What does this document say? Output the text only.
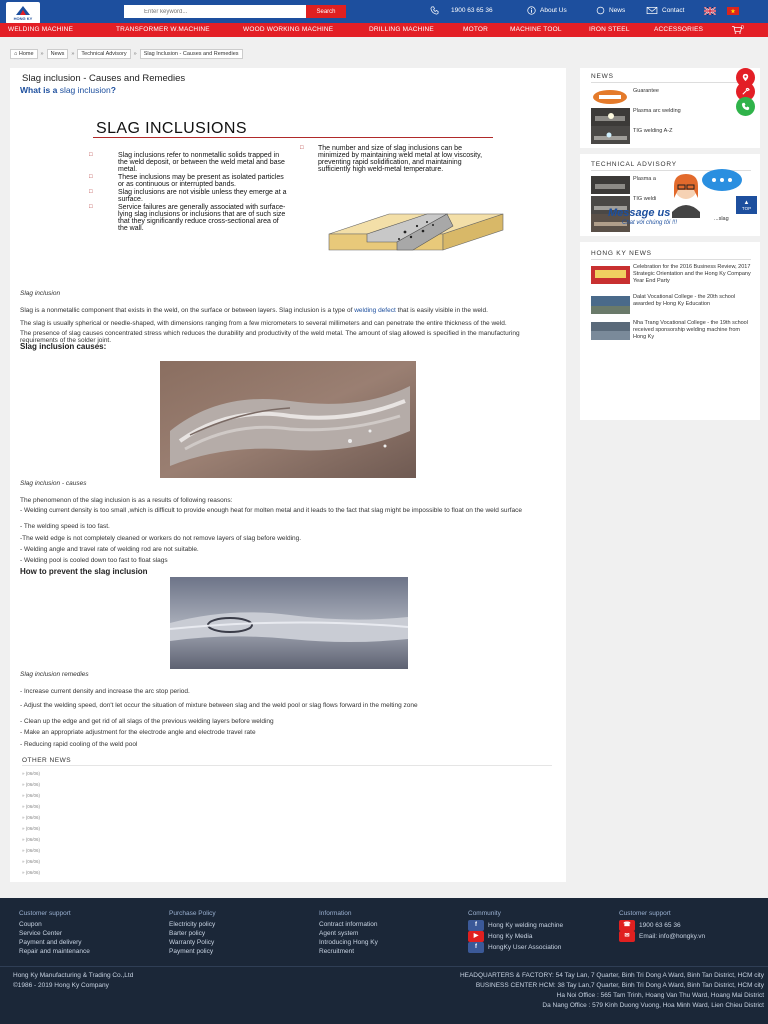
HONG KY
Enter keyword...
Search	1900 63 65 36	About Us	News	Contact
WELDING MACHINE	TRANSFORMER W.MACHINE	WOOD WORKING MACHINE	DRILLING MACHINE	MOTOR	MACHINE TOOL	IRON STEEL	ACCESSORIES	0
⌂ Home	»	News	»	Technical Advisory	»	Slag Inclusion - Causes and Remedies
Slag inclusion - Causes and Remedies
What is a slag inclusion?
SLAG INCLUSIONS
□ Slag inclusions refer to nonmetallic solids trapped in the weld deposit, or between the weld metal and base metal.
□ These inclusions may be present as isolated particles or as continuous or interrupted bands.
□ Slag inclusions are not visible unless they emerge at a surface.
□ Service failures are generally associated with surface-lying slag inclusions or inclusions that are of such size that they significantly reduce cross-sectional area of the wall.
□ The number and size of slag inclusions can be minimized by maintaining weld metal at low viscosity, preventing rapid solidification, and maintaining sufficiently high weld-metal temperature.
Slag inclusion
Slag is a nonmetallic component that exists in the weld, on the surface or between layers. Slag inclusion is a type of welding defect that is easily visible in the weld.
The slag is usually spherical or needle-shaped, with dimensions ranging from a few micrometers to several millimeters and can penetrate the entire thickness of the weld.
The presence of slag causes concentrated stress which reduces the durability and productivity of the weld metal. The amount of slag allowed is specified in the manufacturing requirements of the solder joint.
Slag inclusion causes:
Slag inclusion - causes
The phenomenon of the slag inclusion is as a results of following reasons:
- Welding current density is too small ,which is difficult to provide enough heat for molten metal and it leads to the fact that slag might be impossible to float on the weld surface
- The welding speed is too fast.
-The weld edge is not completely cleaned or workers do not remove layers of slag before welding.
- Welding angle and travel rate of welding rod are not suitable.
- Welding pool is cooled down too fast to float slags
How to prevent the slag inclusion
Slag inclusion remedies
- Increase current density and increase the arc stop period.
- Adjust the welding speed, don't let occur the situation of mixture between slag and the weld pool or slag flows forward in the melting zone
- Clean up the edge and get rid of all slags of the previous welding layers before welding
- Make an appropriate adjustment for the electrode angle and electrode travel rate
- Reducing rapid cooling of the weld pool
OTHER NEWS
» (06/06)
» (06/06)
» (06/06)
» (06/06)
» (06/06)
» (06/06)
» (06/06)
» (06/06)
» (06/06)
» (06/06)
NEWS
Guarantee
Plasma arc welding
TIG welding A-Z
TECHNICAL ADVISORY
Plasma a
TIG weldi
...slag
HONG KY NEWS
Celebration for the 2016 Business Review, 2017 Strategic Orientation and the Hong Ky Company Year End Party
Dalat Vocational College - the 20th school awarded by Hong Ky Education
Nha Trang Vocational College - the 19th school received sponsorship welding machine from Hong Ky
▲
TOP
Message us
Chat với chúng tôi !!!
Customer support
Coupon
Service Center
Payment and delivery
Repair and maintenance
Purchase Policy
Electricity policy
Barter policy
Warranty Policy
Payment policy
Information
Contract information
Agent system
Introducing Hong Ky
Recruitment
Community
f	Hong Ky welding machine
▶	Hong Ky Media
f	HongKy User Association
Customer support
☎	1900 63 65 36
✉	Email: info@hongky.vn
Hong Ky Manufacturing & Trading Co.,Ltd
©1986 - 2019 Hong Ky Company
HEADQUARTERS & FACTORY: 54 Tay Lan, 7 Quarter, Binh Tri Dong A Ward, Binh Tan District, HCM city
BUSINESS CENTER HCM: 38 Tay Lan,7 Quarter, Binh Tri Dong A Ward, Binh Tan District, HCM city
Ha Noi Office : 565 Tam Trinh, Hoang Van Thu Ward, Hoang Mai District
Da Nang Office : 579 Kinh Duong Vuong, Hoa Minh Ward, Lien Chieu District
